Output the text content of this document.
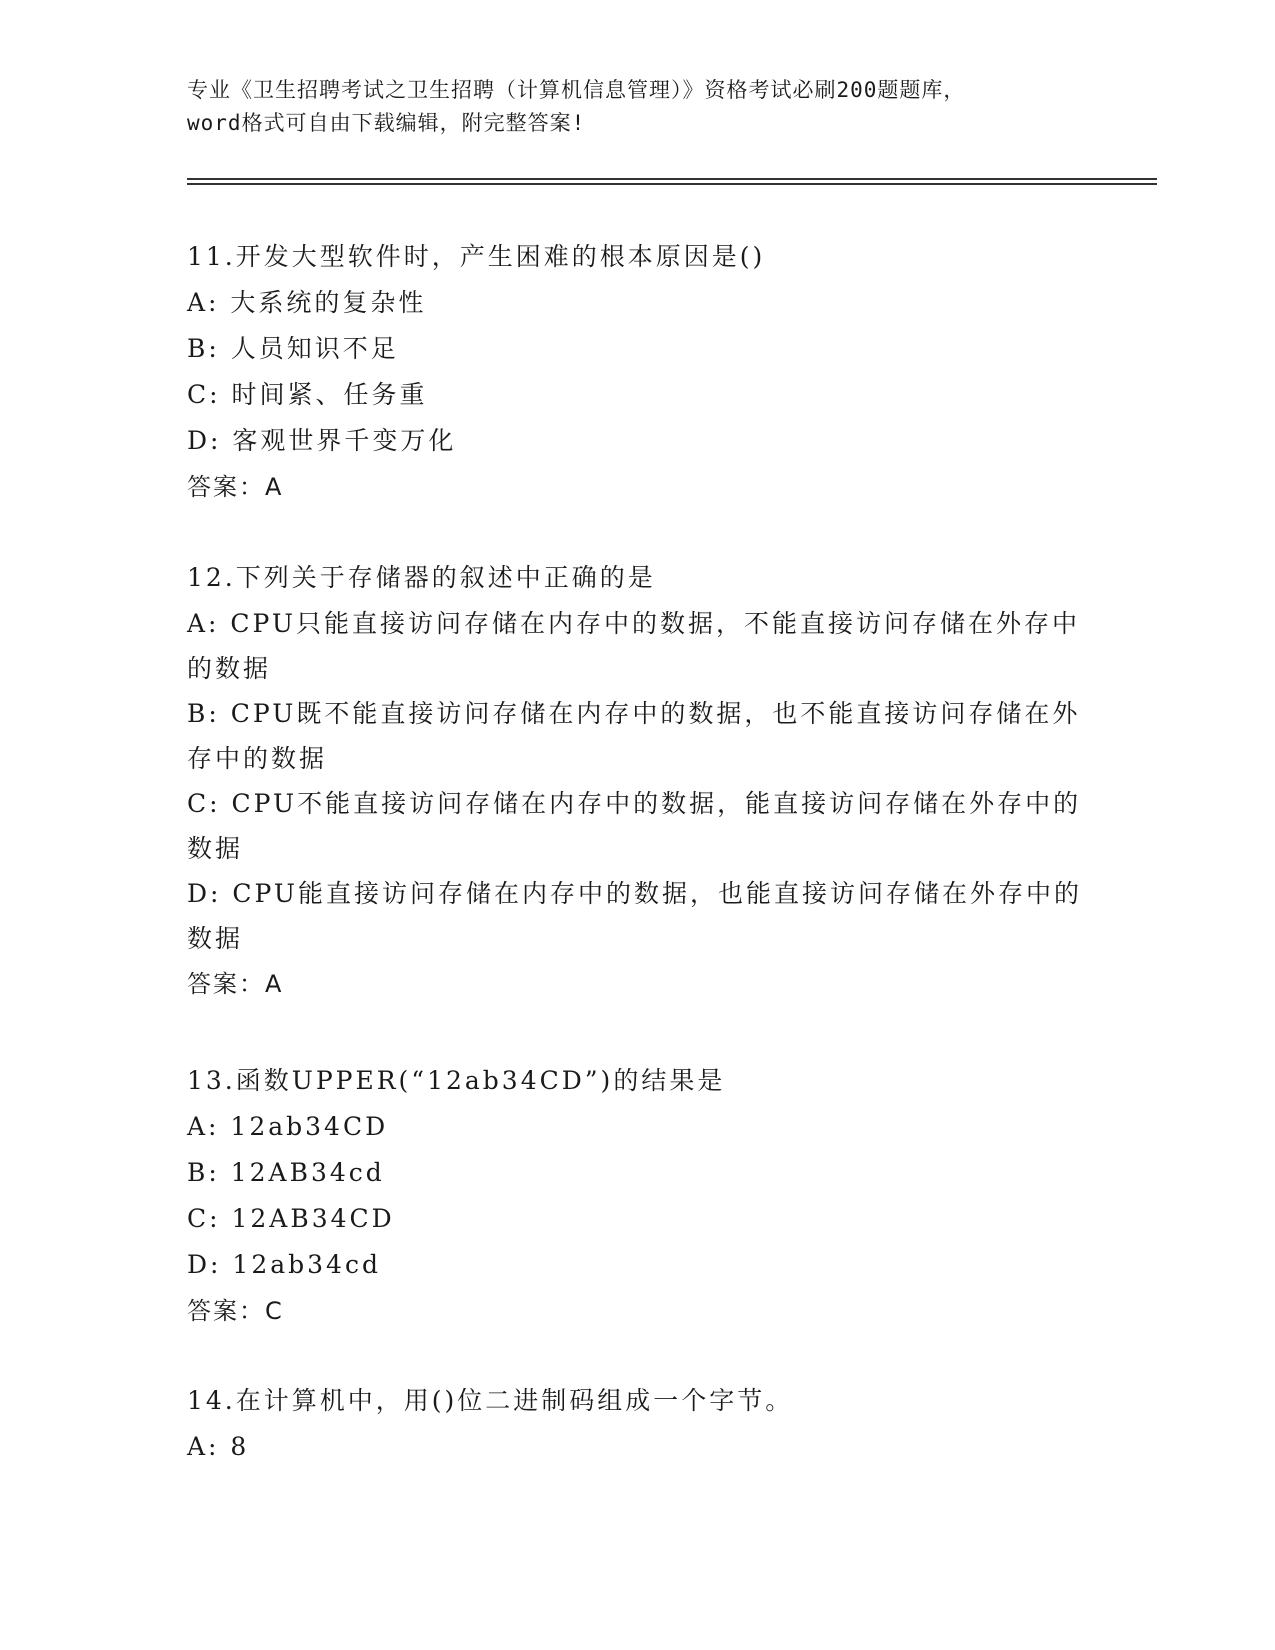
专业《卫生招聘考试之卫生招聘（计算机信息管理）》资格考试必刷200题题库，
word格式可自由下载编辑，附完整答案!
11.开发大型软件时，产生困难的根本原因是()
A: 大系统的复杂性
B: 人员知识不足
C: 时间紧、任务重
D: 客观世界千变万化
答案：A
12.下列关于存储器的叙述中正确的是
A: CPU只能直接访问存储在内存中的数据，不能直接访问存储在外存中的数据
B: CPU既不能直接访问存储在内存中的数据，也不能直接访问存储在外存中的数据
C: CPU不能直接访问存储在内存中的数据，能直接访问存储在外存中的数据
D: CPU能直接访问存储在内存中的数据，也能直接访问存储在外存中的数据
答案：A
13.函数UPPER(“12ab34CD”)的结果是
A: 12ab34CD
B: 12AB34cd
C: 12AB34CD
D: 12ab34cd
答案：C
14.在计算机中，用()位二进制码组成一个字节。
A: 8
